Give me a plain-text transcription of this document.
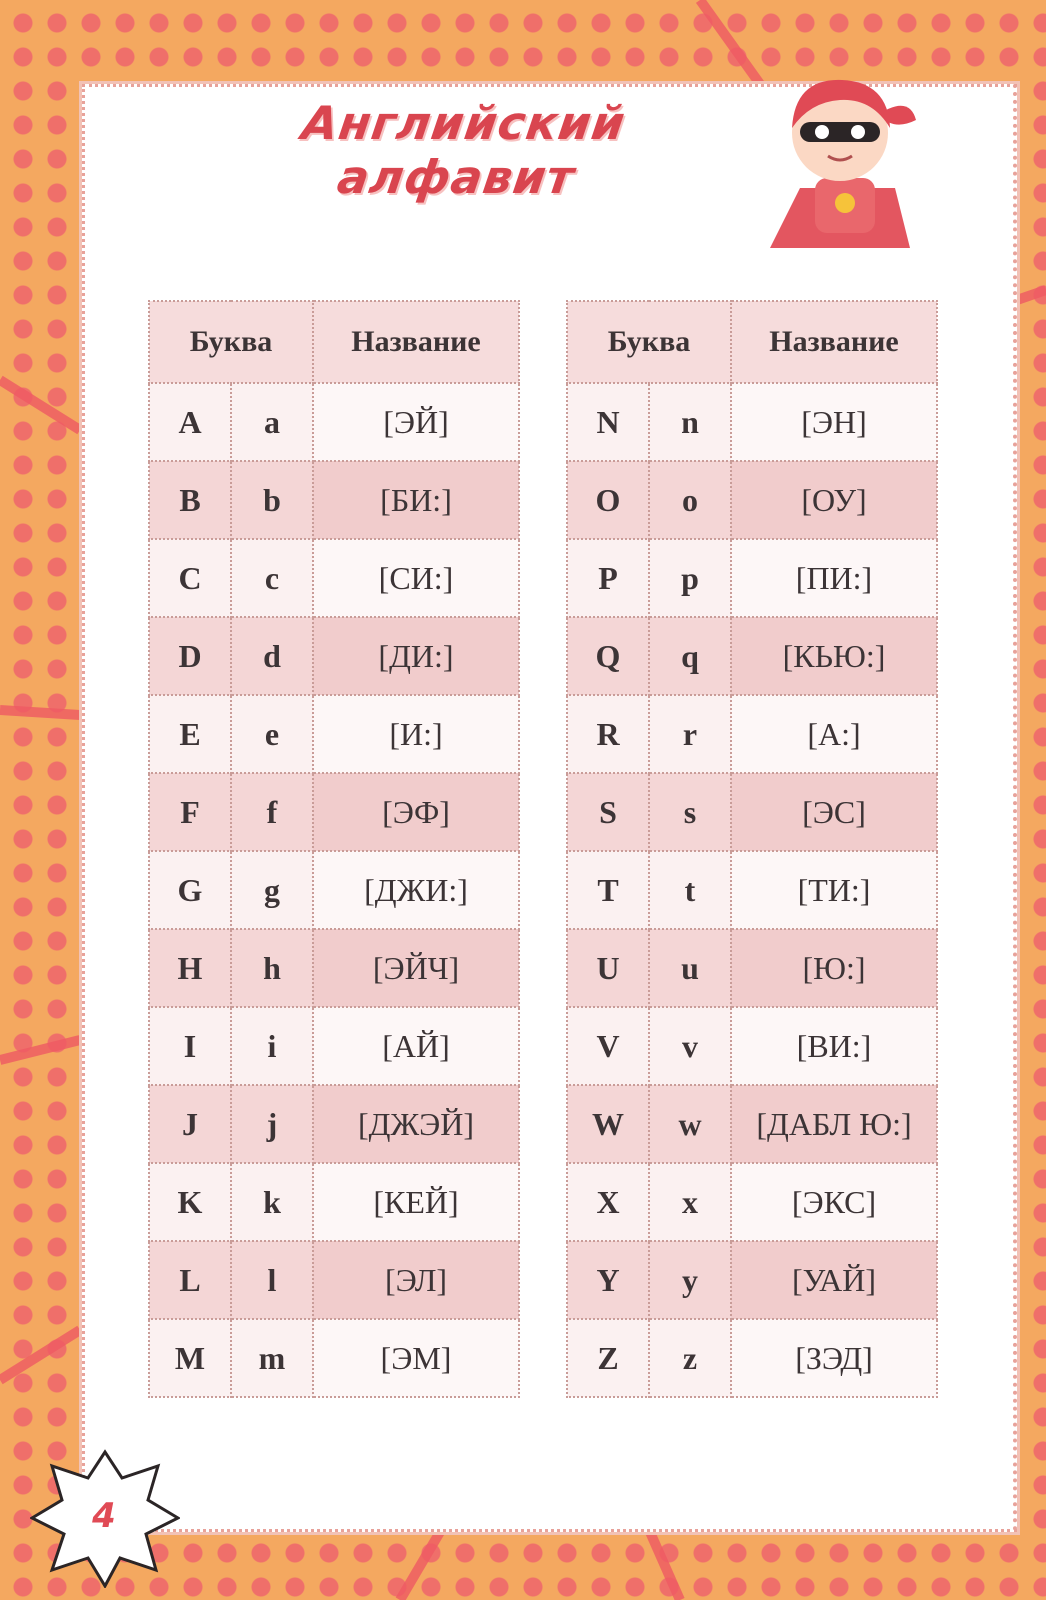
Английский алфавит
Буква		Название
A	a	[ЭЙ]
B	b	[БИ:]
C	c	[СИ:]
D	d	[ДИ:]
E	e	[И:]
F	f	[ЭФ]
G	g	[ДЖИ:]
H	h	[ЭЙЧ]
I	i	[АЙ]
J	j	[ДЖЭЙ]
K	k	[КЕЙ]
L	l	[ЭЛ]
M	m	[ЭМ]
Буква		Название
N	n	[ЭН]
O	o	[ОУ]
P	p	[ПИ:]
Q	q	[КЬЮ:]
R	r	[А:]
S	s	[ЭС]
T	t	[ТИ:]
U	u	[Ю:]
V	v	[ВИ:]
W	w	[ДАБЛ Ю:]
X	x	[ЭКС]
Y	y	[УАЙ]
Z	z	[ЗЭД]
4
